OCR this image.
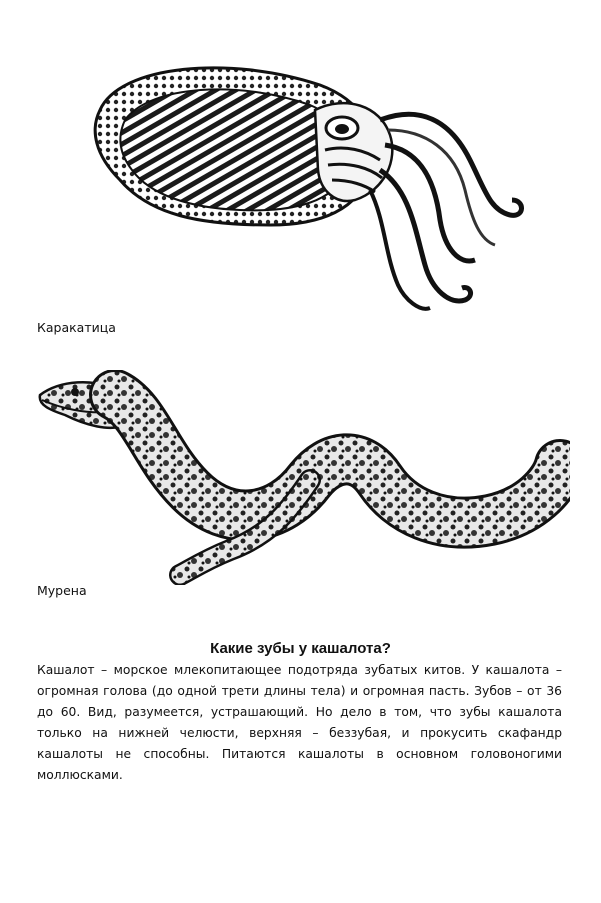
Каракатица
Мурена
Какие зубы у кашалота?

Кашалот – морское млекопитающее подотряда зубатых китов. У кашалота – огромная голова (до одной трети длины тела) и огромная пасть. Зубов – от 36 до 60. Вид, разумеется, устрашающий. Но дело в том, что зубы кашалота только на нижней челюсти, верхняя – беззубая, и прокусить скафандр кашалоты не способны. Питаются кашалоты в основном головоногими моллюсками.
